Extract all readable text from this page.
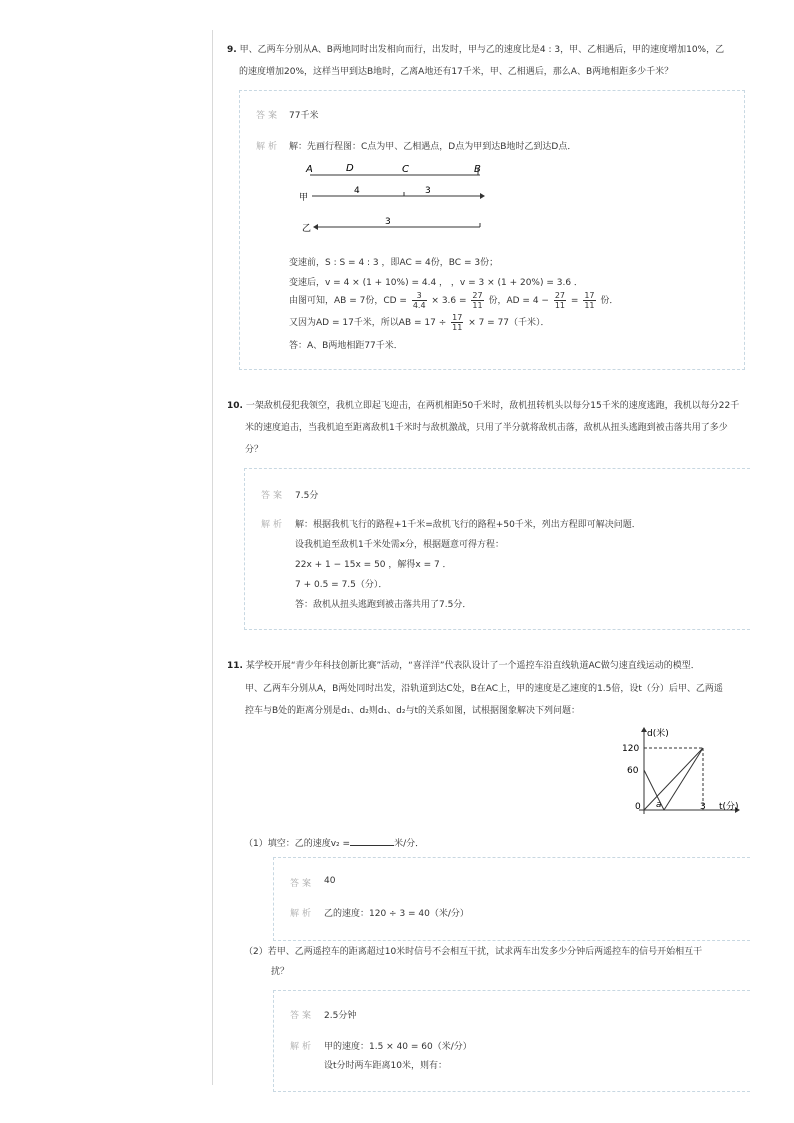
9. 甲、乙两车分别从A、B两地同时出发相向而行，出发时，甲与乙的速度比是4 : 3，甲、乙相遇后，甲的速度增加10%，乙
的速度增加20%，这样当甲到达B地时，乙离A地还有17千米，甲、乙相遇后，那么A、B两地相距多少千米？
答案 77千米
解析 解：先画行程图：C点为甲、乙相遇点，D点为甲到达B地时乙到达D点．
A	D	C	B
甲
4	3
乙
3
变速前，S : S = 4 : 3 ，即AC = 4份，BC = 3份；
变速后，v = 4 × (1 + 10%) = 4.4 ， ，v = 3 × (1 + 20%) = 3.6 ．
由图可知，AB = 7份，CD = $\frac{3}{4.4} \times 3.6 = \frac{27}{11}$ 份，AD = $4 - \frac{27}{11} = \frac{17}{11}$ 份．
又因为AD = 17千米，所以AB = $17 \div \frac{17}{11} \times 7 = 77$（千米）．
答：A、B两地相距77千米．
10. 一架敌机侵犯我领空，我机立即起飞迎击，在两机相距50千米时，敌机扭转机头以每分15千米的速度逃跑，我机以每分22千
米的速度追击，当我机追至距离敌机1千米时与敌机激战，只用了半分就将敌机击落，敌机从扭头逃跑到被击落共用了多少
分？
答案 7.5分
解析 解：根据我机飞行的路程+1千米=敌机飞行的路程+50千米，列出方程即可解决问题．
设我机追至敌机1千米处需x分，根据题意可得方程：
22x + 1 − 15x = 50 ，解得x = 7 ．
7 + 0.5 = 7.5（分）．
答：敌机从扭头逃跑到被击落共用了7.5分．
11. 某学校开展“青少年科技创新比赛”活动，“喜洋洋”代表队设计了一个遥控车沿直线轨道AC做匀速直线运动的模型．
甲、乙两车分别从A，B两处同时出发，沿轨道到达C处，B在AC上，甲的速度是乙速度的1.5倍，设t（分）后甲、乙两遥
控车与B处的距离分别是d₁、d₂则d₁、d₂与t的关系如图，试根据图象解决下列问题：
d(米)
t(分)
120
60
0 a	3
（1）填空：乙的速度v₂ =	米/分．
答案 40
解析 乙的速度：120 ÷ 3 = 40（米/分）
（2）若甲、乙两遥控车的距离超过10米时信号不会相互干扰，试求两车出发多少分钟后两遥控车的信号开始相互干
扰？
答案 2.5分钟
解析 甲的速度：1.5 × 40 = 60（米/分）
设t分时两车距离10米，则有：
